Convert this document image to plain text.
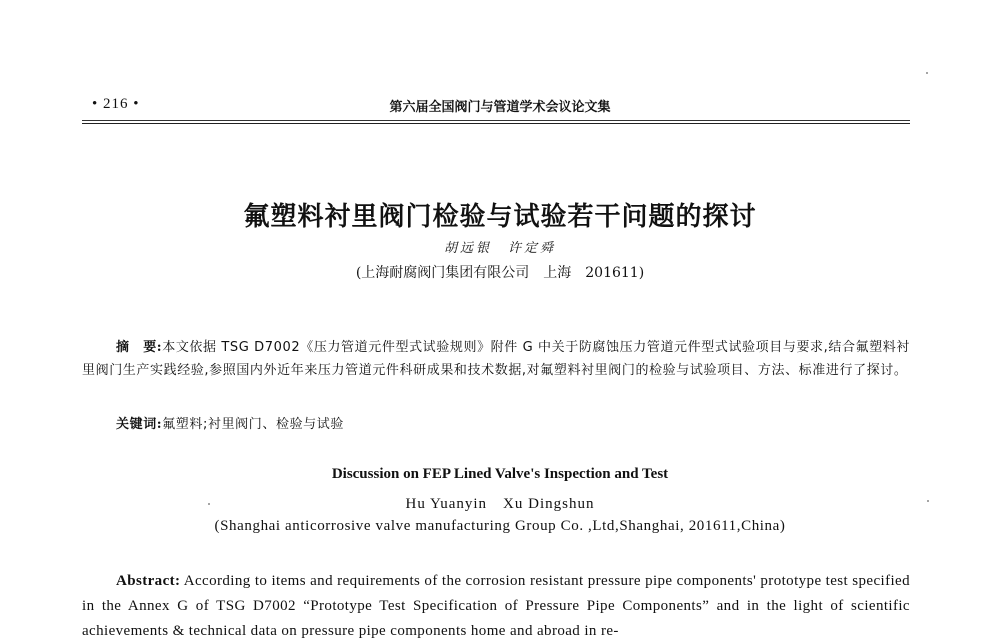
• 216 •	第六届全国阀门与管道学术会议论文集
氟塑料衬里阀门检验与试验若干问题的探讨
胡远银　许定舜
(上海耐腐阀门集团有限公司　上海　201611)
摘　要:本文依据 TSG D7002《压力管道元件型式试验规则》附件 G 中关于防腐蚀压力管道元件型式试验项目与要求,结合氟塑料衬里阀门生产实践经验,参照国内外近年来压力管道元件科研成果和技术数据,对氟塑料衬里阀门的检验与试验项目、方法、标准进行了探讨。
关键词:氟塑料;衬里阀门、检验与试验
Discussion on FEP Lined Valve's Inspection and Test
Hu Yuanyin　Xu Dingshun
(Shanghai anticorrosive valve manufacturing Group Co. ,Ltd,Shanghai, 201611,China)
Abstract: According to items and requirements of the corrosion resistant pressure pipe components' prototype test specified in the Annex G of TSG D7002 “Prototype Test Specification of Pressure Pipe Components” and in the light of scientific achievements & technical data on pressure pipe components home and abroad in re-
